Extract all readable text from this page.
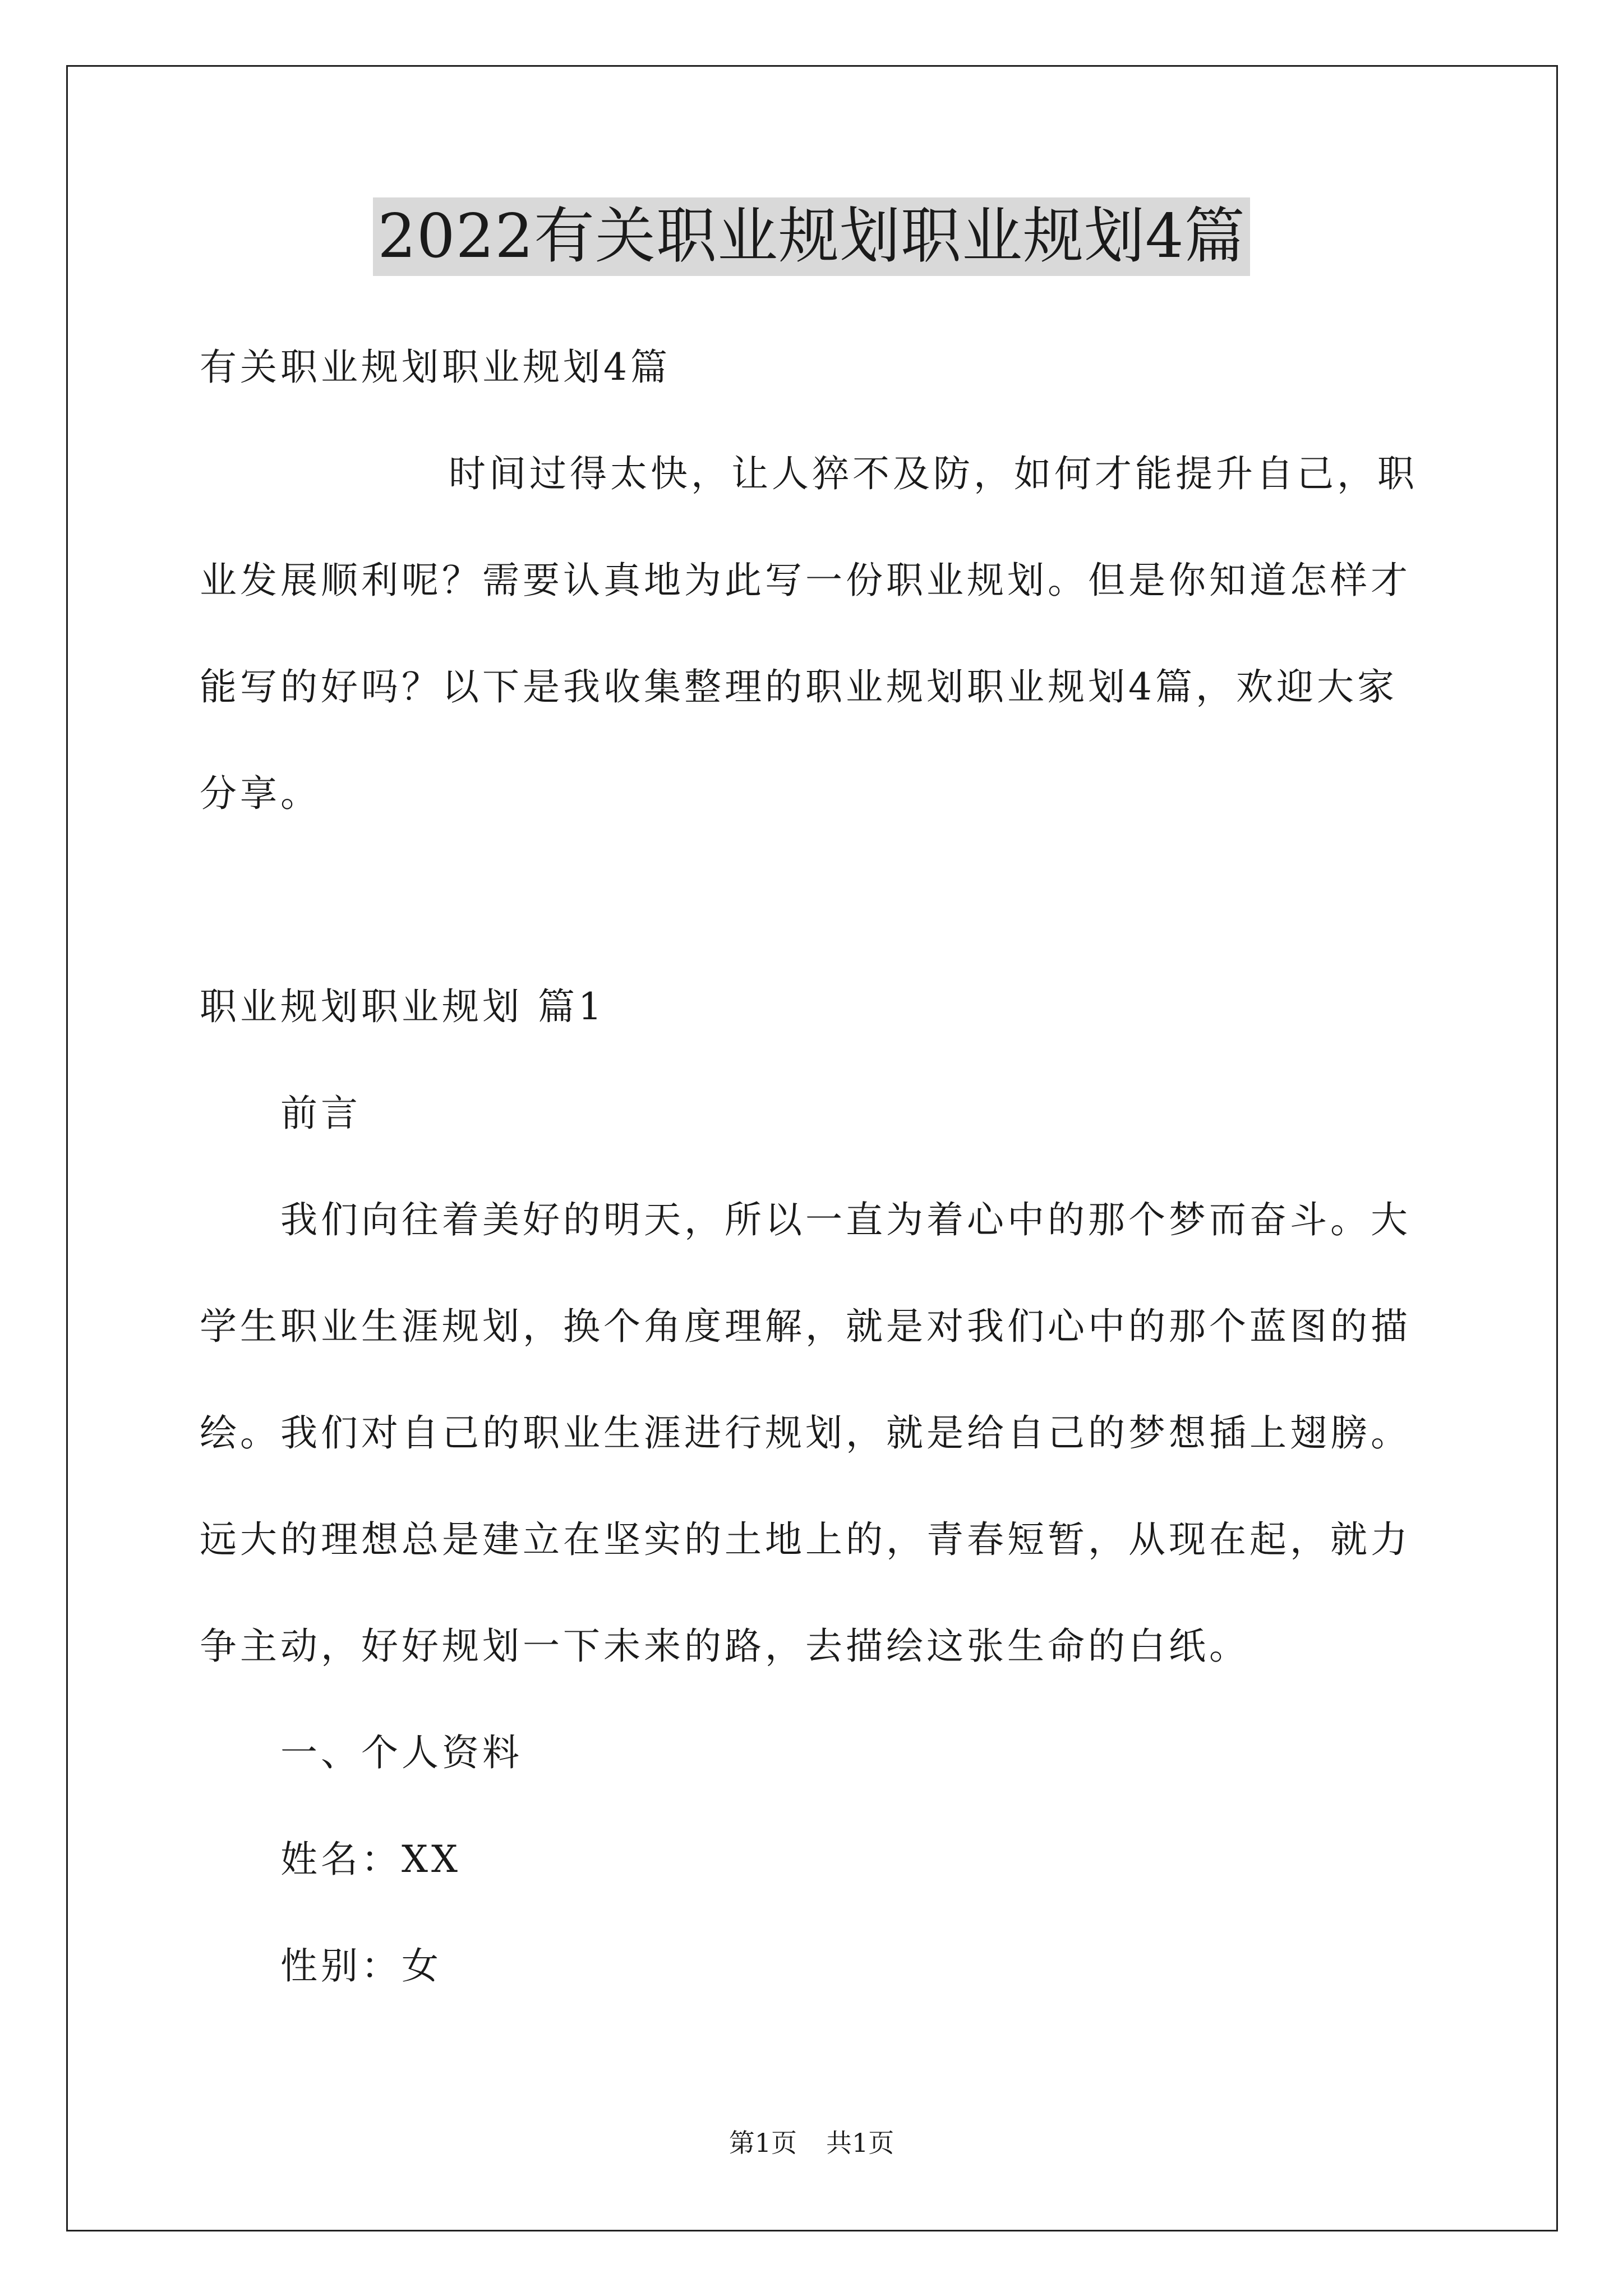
2022有关职业规划职业规划4篇
有关职业规划职业规划4篇
时间过得太快，让人猝不及防，如何才能提升自己，职
业发展顺利呢？需要认真地为此写一份职业规划。但是你知道怎样才
能写的好吗？以下是我收集整理的职业规划职业规划4篇，欢迎大家
分享。
职业规划职业规划 篇1
前言
我们向往着美好的明天，所以一直为着心中的那个梦而奋斗。大
学生职业生涯规划，换个角度理解，就是对我们心中的那个蓝图的描
绘。我们对自己的职业生涯进行规划，就是给自己的梦想插上翅膀。
远大的理想总是建立在坚实的土地上的，青春短暂，从现在起，就力
争主动，好好规划一下未来的路，去描绘这张生命的白纸。
一、个人资料
姓名：XX
性别：女
第1页 共1页
